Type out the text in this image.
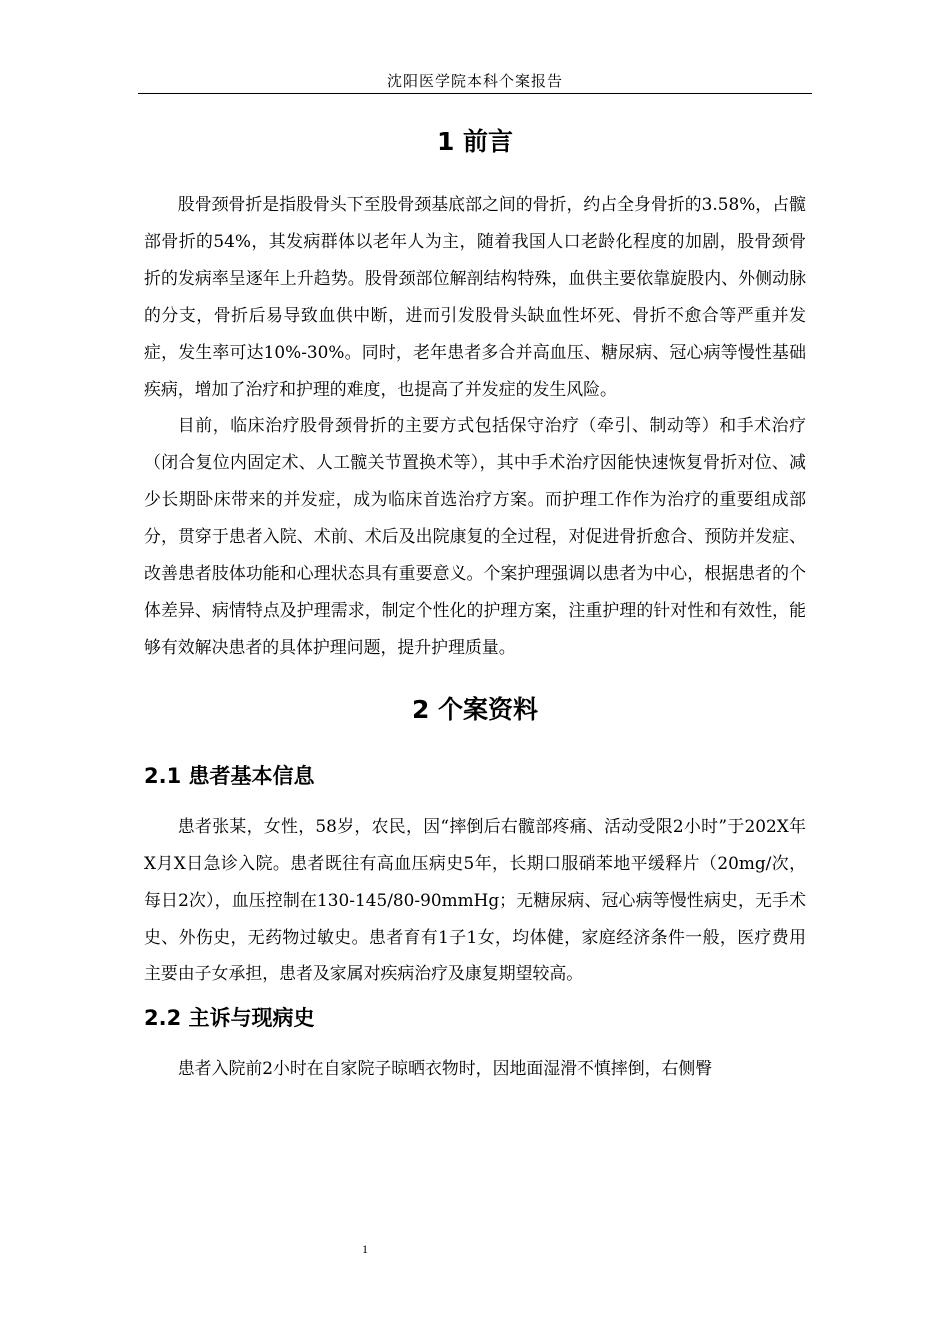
沈阳医学院本科个案报告
1 前言

股骨颈骨折是指股骨头下至股骨颈基底部之间的骨折，约占全身骨折的3.58%，占髋部骨折的54%，其发病群体以老年人为主，随着我国人口老龄化程度的加剧，股骨颈骨折的发病率呈逐年上升趋势。股骨颈部位解剖结构特殊，血供主要依靠旋股内、外侧动脉的分支，骨折后易导致血供中断，进而引发股骨头缺血性坏死、骨折不愈合等严重并发症，发生率可达10%-30%。同时，老年患者多合并高血压、糖尿病、冠心病等慢性基础疾病，增加了治疗和护理的难度，也提高了并发症的发生风险。

目前，临床治疗股骨颈骨折的主要方式包括保守治疗（牵引、制动等）和手术治疗（闭合复位内固定术、人工髋关节置换术等），其中手术治疗因能快速恢复骨折对位、减少长期卧床带来的并发症，成为临床首选治疗方案。而护理工作作为治疗的重要组成部分，贯穿于患者入院、术前、术后及出院康复的全过程，对促进骨折愈合、预防并发症、改善患者肢体功能和心理状态具有重要意义。个案护理强调以患者为中心，根据患者的个体差异、病情特点及护理需求，制定个性化的护理方案，注重护理的针对性和有效性，能够有效解决患者的具体护理问题，提升护理质量。

2 个案资料
2.1 患者基本信息

患者张某，女性，58岁，农民，因“摔倒后右髋部疼痛、活动受限2小时”于202X年X月X日急诊入院。患者既往有高血压病史5年，长期口服硝苯地平缓释片（20mg/次，每日2次），血压控制在130-145/80-90mmHg；无糖尿病、冠心病等慢性病史，无手术史、外伤史，无药物过敏史。患者育有1子1女，均体健，家庭经济条件一般，医疗费用主要由子女承担，患者及家属对疾病治疗及康复期望较高。

2.2 主诉与现病史

患者入院前2小时在自家院子晾晒衣物时，因地面湿滑不慎摔倒，右侧臀

1
